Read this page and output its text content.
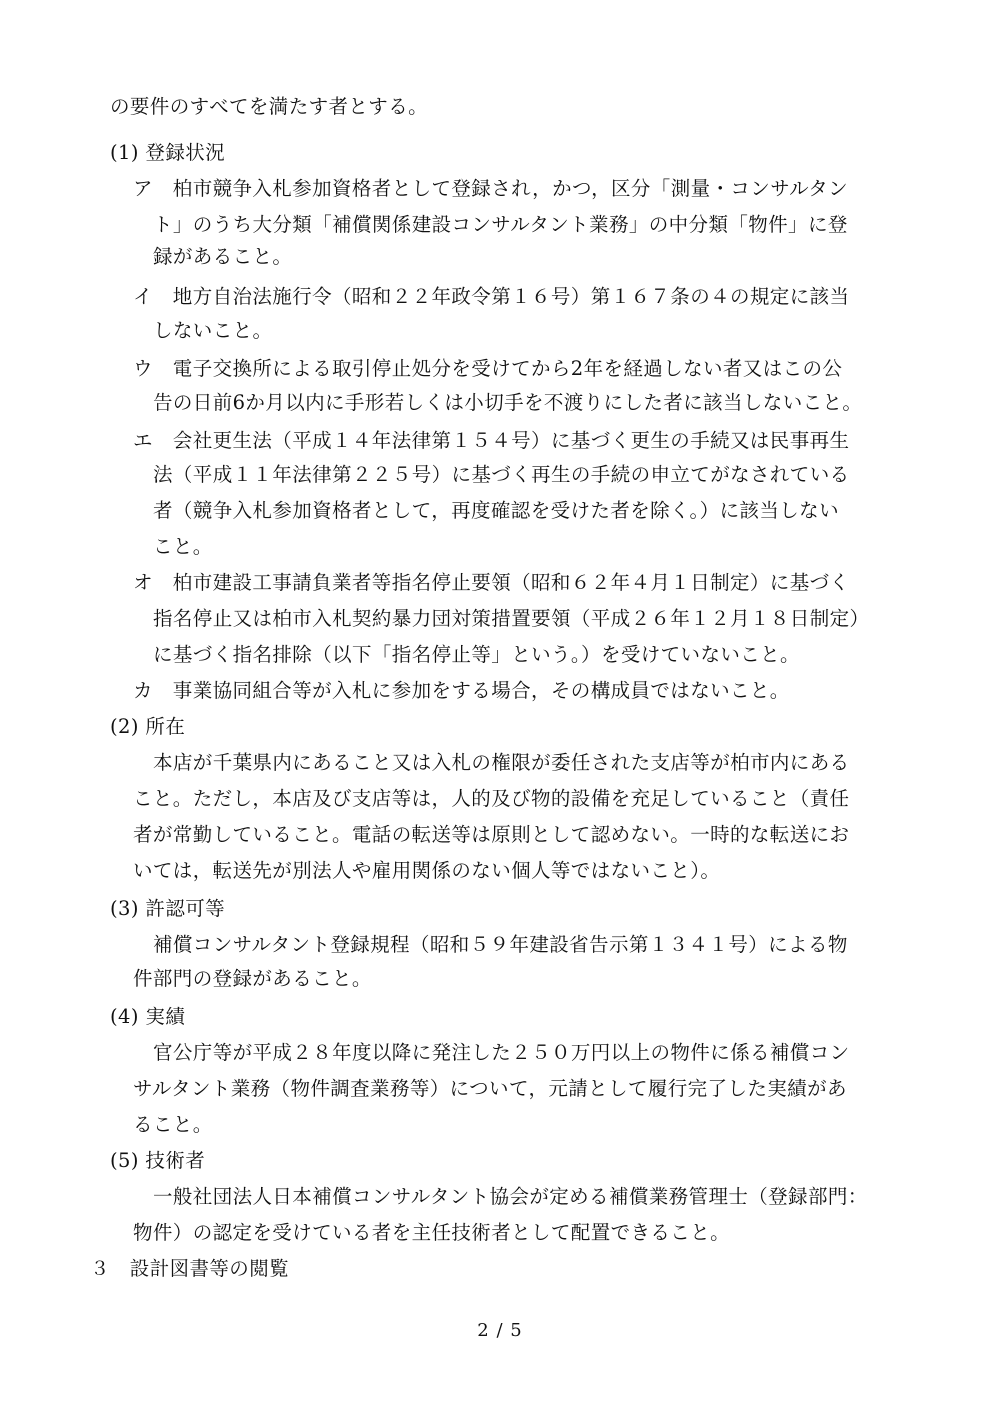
の要件のすべてを満たす者とする。
(1) 登録状況
ア　柏市競争入札参加資格者として登録され，かつ，区分「測量・コンサルタン
ト」のうち大分類「補償関係建設コンサルタント業務」の中分類「物件」に登
録があること。
イ　地方自治法施行令（昭和２２年政令第１６号）第１６７条の４の規定に該当
しないこと。
ウ　電子交換所による取引停止処分を受けてから2年を経過しない者又はこの公
告の日前6か月以内に手形若しくは小切手を不渡りにした者に該当しないこと。
エ　会社更生法（平成１４年法律第１５４号）に基づく更生の手続又は民事再生
法（平成１１年法律第２２５号）に基づく再生の手続の申立てがなされている
者（競争入札参加資格者として，再度確認を受けた者を除く。）に該当しない
こと。
オ　柏市建設工事請負業者等指名停止要領（昭和６２年４月１日制定）に基づく
指名停止又は柏市入札契約暴力団対策措置要領（平成２６年１２月１８日制定）
に基づく指名排除（以下「指名停止等」という。）を受けていないこと。
カ　事業協同組合等が入札に参加をする場合，その構成員ではないこと。
(2) 所在
本店が千葉県内にあること又は入札の権限が委任された支店等が柏市内にある
こと。ただし，本店及び支店等は，人的及び物的設備を充足していること（責任
者が常勤していること。電話の転送等は原則として認めない。一時的な転送にお
いては，転送先が別法人や雇用関係のない個人等ではないこと）。
(3) 許認可等
補償コンサルタント登録規程（昭和５９年建設省告示第１３４１号）による物
件部門の登録があること。
(4) 実績
官公庁等が平成２８年度以降に発注した２５０万円以上の物件に係る補償コン
サルタント業務（物件調査業務等）について，元請として履行完了した実績があ
ること。
(5) 技術者
一般社団法人日本補償コンサルタント協会が定める補償業務管理士（登録部門：
物件）の認定を受けている者を主任技術者として配置できること。
３　設計図書等の閲覧
2 / 5
